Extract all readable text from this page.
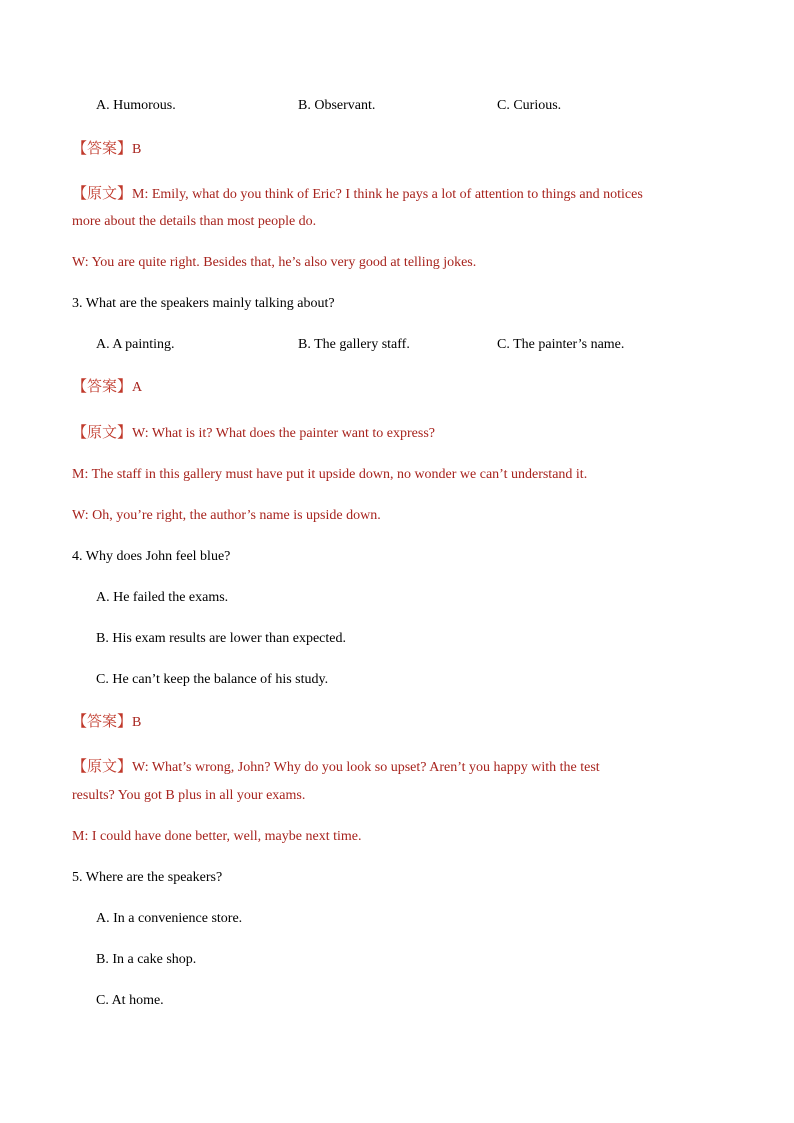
A. Humorous.	B. Observant.	C. Curious.
【答案】B
【原文】M: Emily, what do you think of Eric? I think he pays a lot of attention to things and notices
more about the details than most people do.
W: You are quite right. Besides that, he’s also very good at telling jokes.
3. What are the speakers mainly talking about?
A. A painting.	B. The gallery staff.	C. The painter’s name.
【答案】A
【原文】W: What is it? What does the painter want to express?
M: The staff in this gallery must have put it upside down, no wonder we can’t understand it.
W: Oh, you’re right, the author’s name is upside down.
4. Why does John feel blue?
A. He failed the exams.
B. His exam results are lower than expected.
C. He can’t keep the balance of his study.
【答案】B
【原文】W: What’s wrong, John? Why do you look so upset? Aren’t you happy with the test
results? You got B plus in all your exams.
M: I could have done better, well, maybe next time.
5. Where are the speakers?
A. In a convenience store.
B. In a cake shop.
C. At home.
